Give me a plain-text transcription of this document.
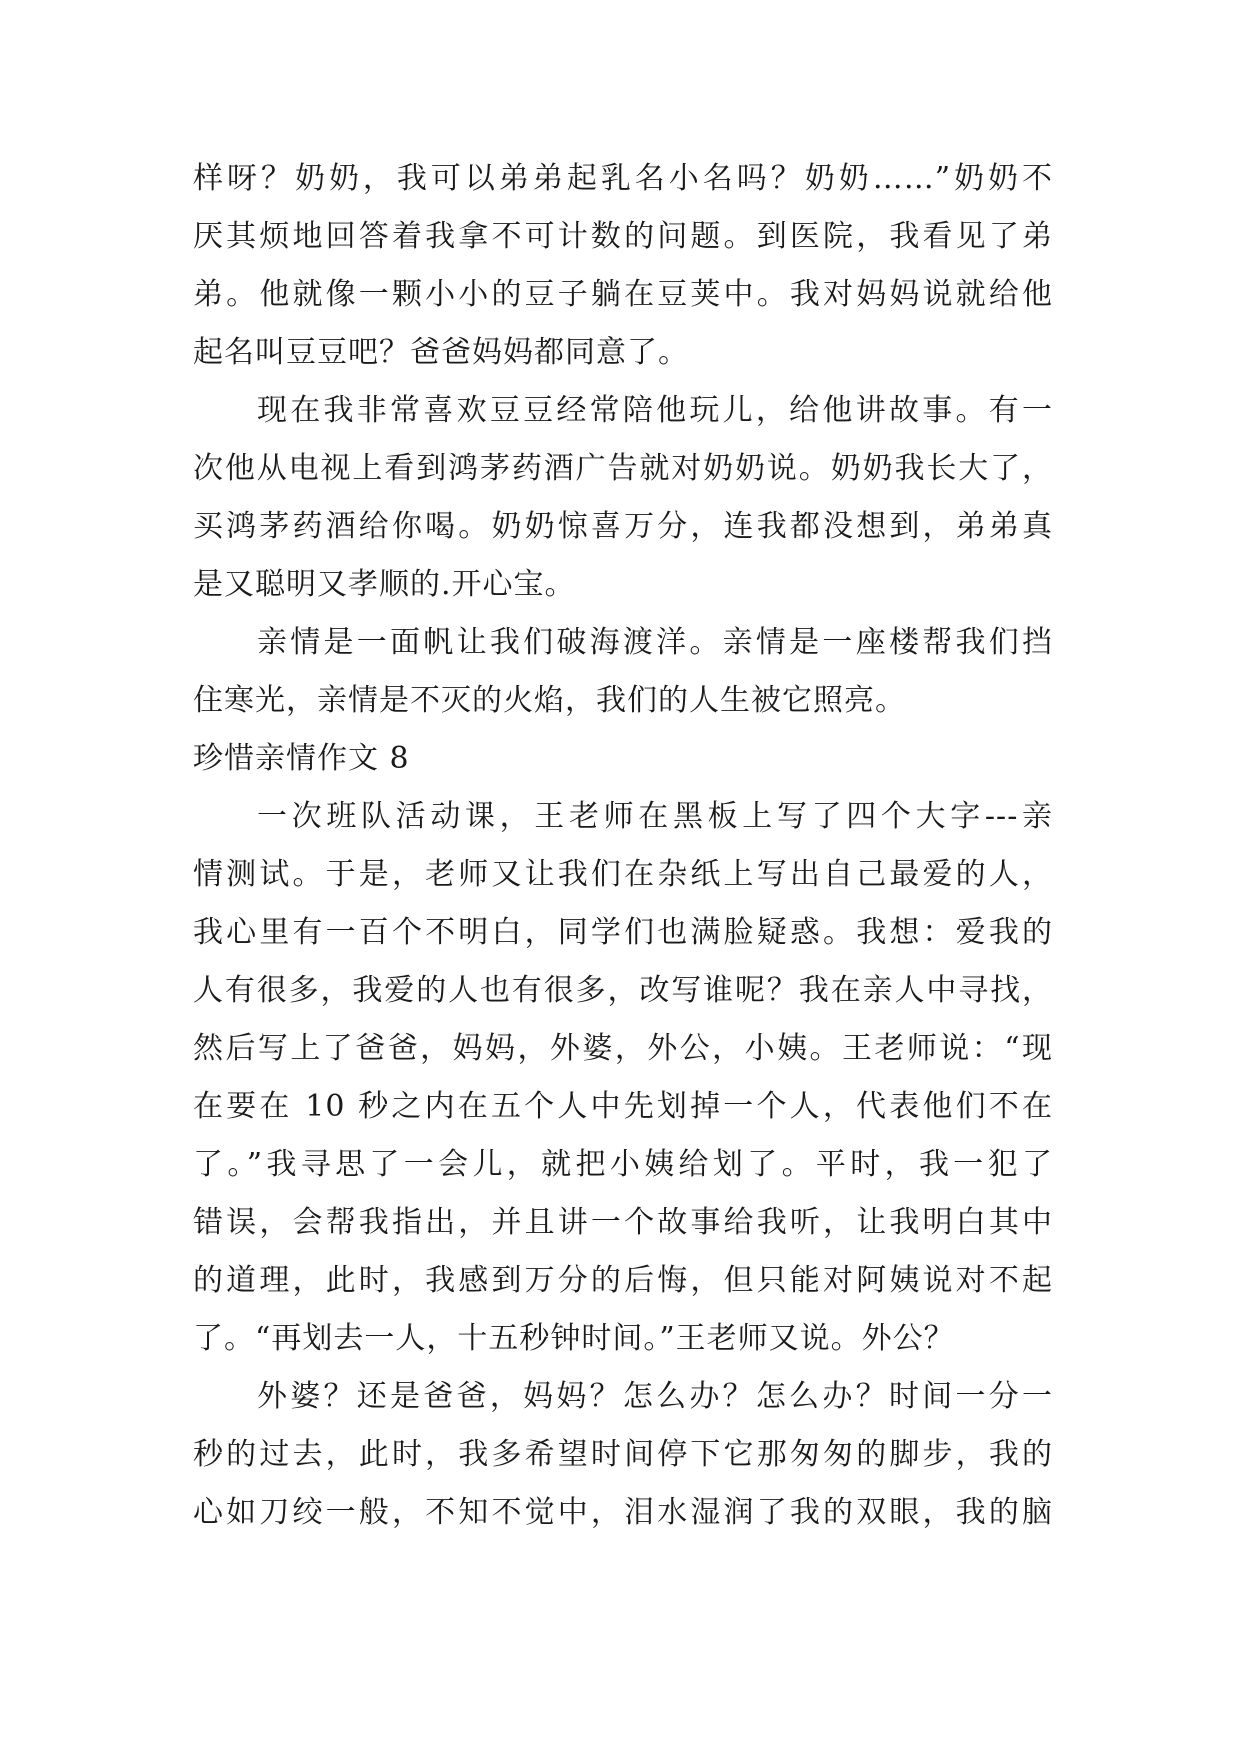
样呀？奶奶，我可以弟弟起乳名小名吗？奶奶……”奶奶不
厌其烦地回答着我拿不可计数的问题。到医院，我看见了弟
弟。他就像一颗小小的豆子躺在豆荚中。我对妈妈说就给他
起名叫豆豆吧？爸爸妈妈都同意了。
现在我非常喜欢豆豆经常陪他玩儿，给他讲故事。有一
次他从电视上看到鸿茅药酒广告就对奶奶说。奶奶我长大了，
买鸿茅药酒给你喝。奶奶惊喜万分，连我都没想到，弟弟真
是又聪明又孝顺的.开心宝。
亲情是一面帆让我们破海渡洋。亲情是一座楼帮我们挡
住寒光，亲情是不灭的火焰，我们的人生被它照亮。
珍惜亲情作文 8
一次班队活动课，王老师在黑板上写了四个大字---亲
情测试。于是，老师又让我们在杂纸上写出自己最爱的人，
我心里有一百个不明白，同学们也满脸疑惑。我想：爱我的
人有很多，我爱的人也有很多，改写谁呢？我在亲人中寻找，
然后写上了爸爸，妈妈，外婆，外公，小姨。王老师说：“现
在要在 10 秒之内在五个人中先划掉一个人，代表他们不在
了。”我寻思了一会儿，就把小姨给划了。平时，我一犯了
错误，会帮我指出，并且讲一个故事给我听，让我明白其中
的道理，此时，我感到万分的后悔，但只能对阿姨说对不起
了。“再划去一人，十五秒钟时间。”王老师又说。外公？
外婆？还是爸爸，妈妈？怎么办？怎么办？时间一分一
秒的过去，此时，我多希望时间停下它那匆匆的脚步，我的
心如刀绞一般，不知不觉中，泪水湿润了我的双眼，我的脑
